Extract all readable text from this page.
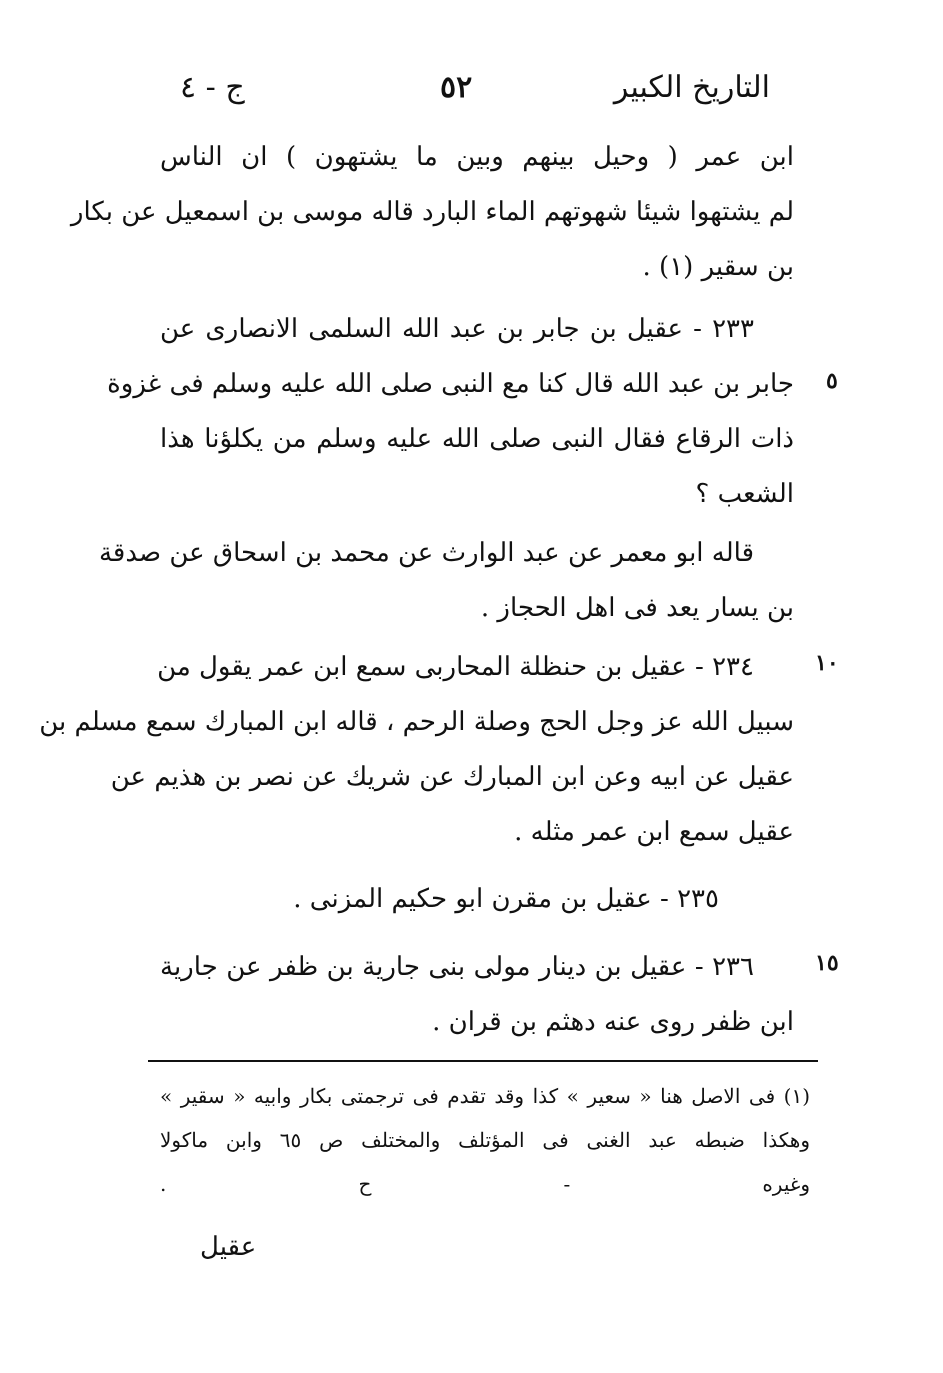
التاريخ الكبير
٥٢
ج - ٤
ابن عمر ( وحيل بينهم وبين ما يشتهون ) ان الناس
لم يشتهوا شيئا شهوتهم الماء البارد قاله موسى بن اسمعيل عن بكار
بن سقير (١) .
٢٣٣ - عقيل بن جابر بن عبد الله السلمى الانصارى عن
جابر بن عبد الله قال كنا مع النبى صلى الله عليه وسلم فى غزوة
ذات الرقاع فقال النبى صلى الله عليه وسلم من يكلؤنا هذا
الشعب ؟
٥
قاله ابو معمر عن عبد الوارث عن محمد بن اسحاق عن صدقة
بن يسار يعد فى اهل الحجاز .
٢٣٤ - عقيل بن حنظلة المحاربى سمع ابن عمر يقول من
سبيل الله عز وجل الحج وصلة الرحم ، قاله ابن المبارك سمع مسلم بن
عقيل عن ابيه وعن ابن المبارك عن شريك عن نصر بن هذيم عن
عقيل سمع ابن عمر مثله .
١٠
٢٣٥ - عقيل بن مقرن ابو حكيم المزنى .
٢٣٦ - عقيل بن دينار مولى بنى جارية بن ظفر عن جارية
ابن ظفر روى عنه دهثم بن قران .
١٥
(١) فى الاصل هنا « سعير » كذا وقد تقدم فى ترجمتى بكار وابيه « سقير »
وهكذا ضبطه عبد الغنى فى المؤتلف والمختلف ص ٦٥ وابن ماكولا
وغيره - ح .
عقيل
